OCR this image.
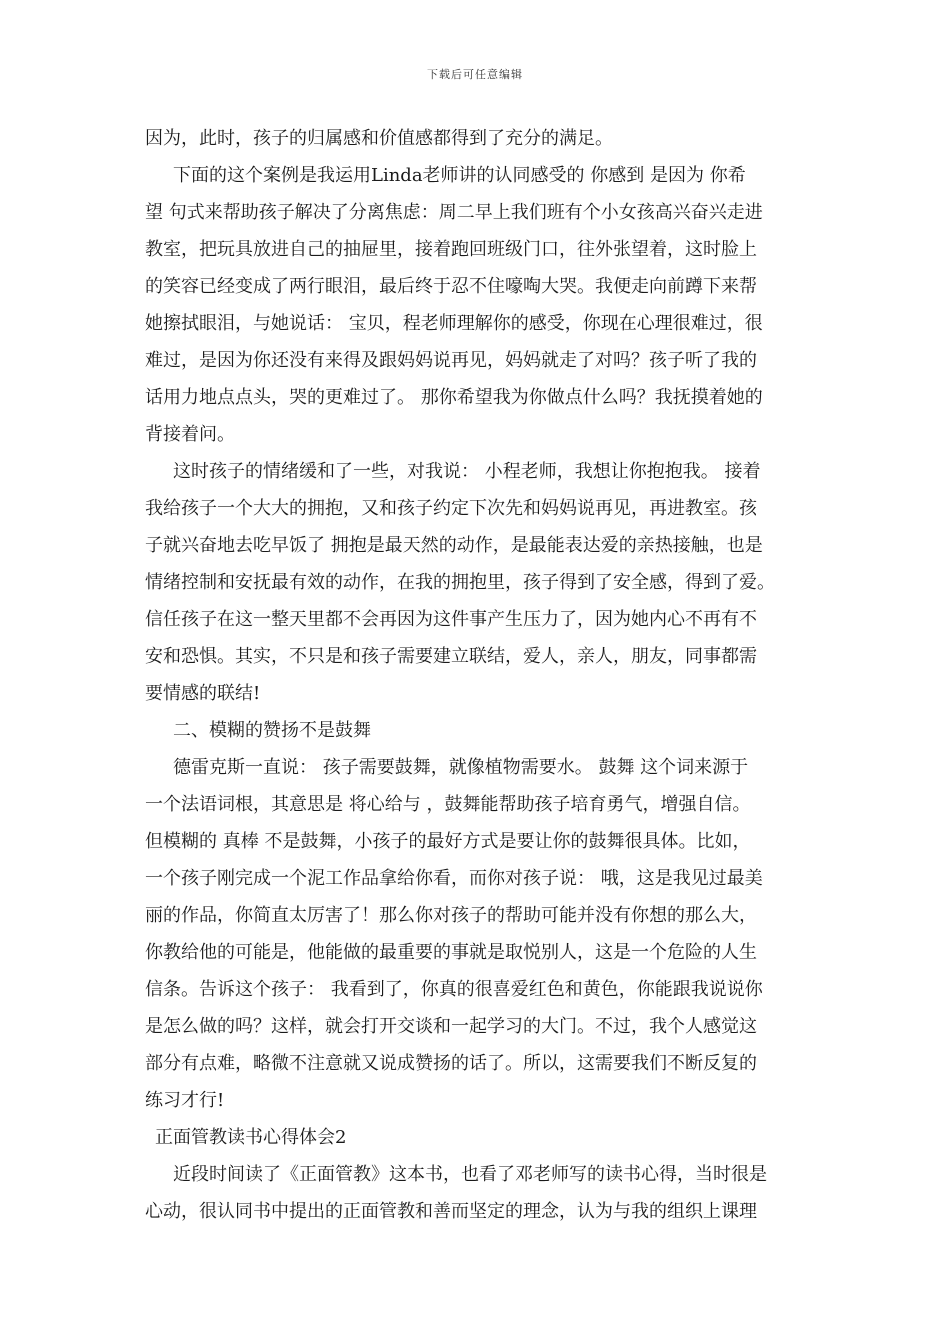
下载后可任意编辑
因为，此时，孩子的归属感和价值感都得到了充分的满足。
下面的这个案例是我运用Linda老师讲的认同感受的 你感到 是因为 你希
望 句式来帮助孩子解决了分离焦虑：周二早上我们班有个小女孩高兴奋兴走进
教室，把玩具放进自己的抽屉里，接着跑回班级门口，往外张望着，这时脸上
的笑容已经变成了两行眼泪，最后终于忍不住嚎啕大哭。我便走向前蹲下来帮
她擦拭眼泪，与她说话： 宝贝，程老师理解你的感受，你现在心理很难过，很
难过，是因为你还没有来得及跟妈妈说再见，妈妈就走了对吗？孩子听了我的
话用力地点点头，哭的更难过了。 那你希望我为你做点什么吗？我抚摸着她的
背接着问。
这时孩子的情绪缓和了一些，对我说： 小程老师，我想让你抱抱我。 接着
我给孩子一个大大的拥抱，又和孩子约定下次先和妈妈说再见，再进教室。孩
子就兴奋地去吃早饭了 拥抱是最天然的动作，是最能表达爱的亲热接触，也是
情绪控制和安抚最有效的动作，在我的拥抱里，孩子得到了安全感，得到了爱。
信任孩子在这一整天里都不会再因为这件事产生压力了，因为她内心不再有不
安和恐惧。其实，不只是和孩子需要建立联结，爱人，亲人，朋友，同事都需
要情感的联结!
二、模糊的赞扬不是鼓舞
德雷克斯一直说： 孩子需要鼓舞，就像植物需要水。 鼓舞 这个词来源于
一个法语词根，其意思是 将心给与 ，鼓舞能帮助孩子培育勇气，增强自信。
但模糊的 真棒 不是鼓舞，小孩子的最好方式是要让你的鼓舞很具体。比如，
一个孩子刚完成一个泥工作品拿给你看，而你对孩子说： 哦，这是我见过最美
丽的作品，你简直太厉害了！那么你对孩子的帮助可能并没有你想的那么大，
你教给他的可能是，他能做的最重要的事就是取悦别人，这是一个危险的人生
信条。告诉这个孩子： 我看到了，你真的很喜爱红色和黄色，你能跟我说说你
是怎么做的吗？这样，就会打开交谈和一起学习的大门。不过，我个人感觉这
部分有点难，略微不注意就又说成赞扬的话了。所以，这需要我们不断反复的
练习才行!
正面管教读书心得体会2
近段时间读了《正面管教》这本书，也看了邓老师写的读书心得，当时很是
心动，很认同书中提出的正面管教和善而坚定的理念，认为与我的组织上课理
